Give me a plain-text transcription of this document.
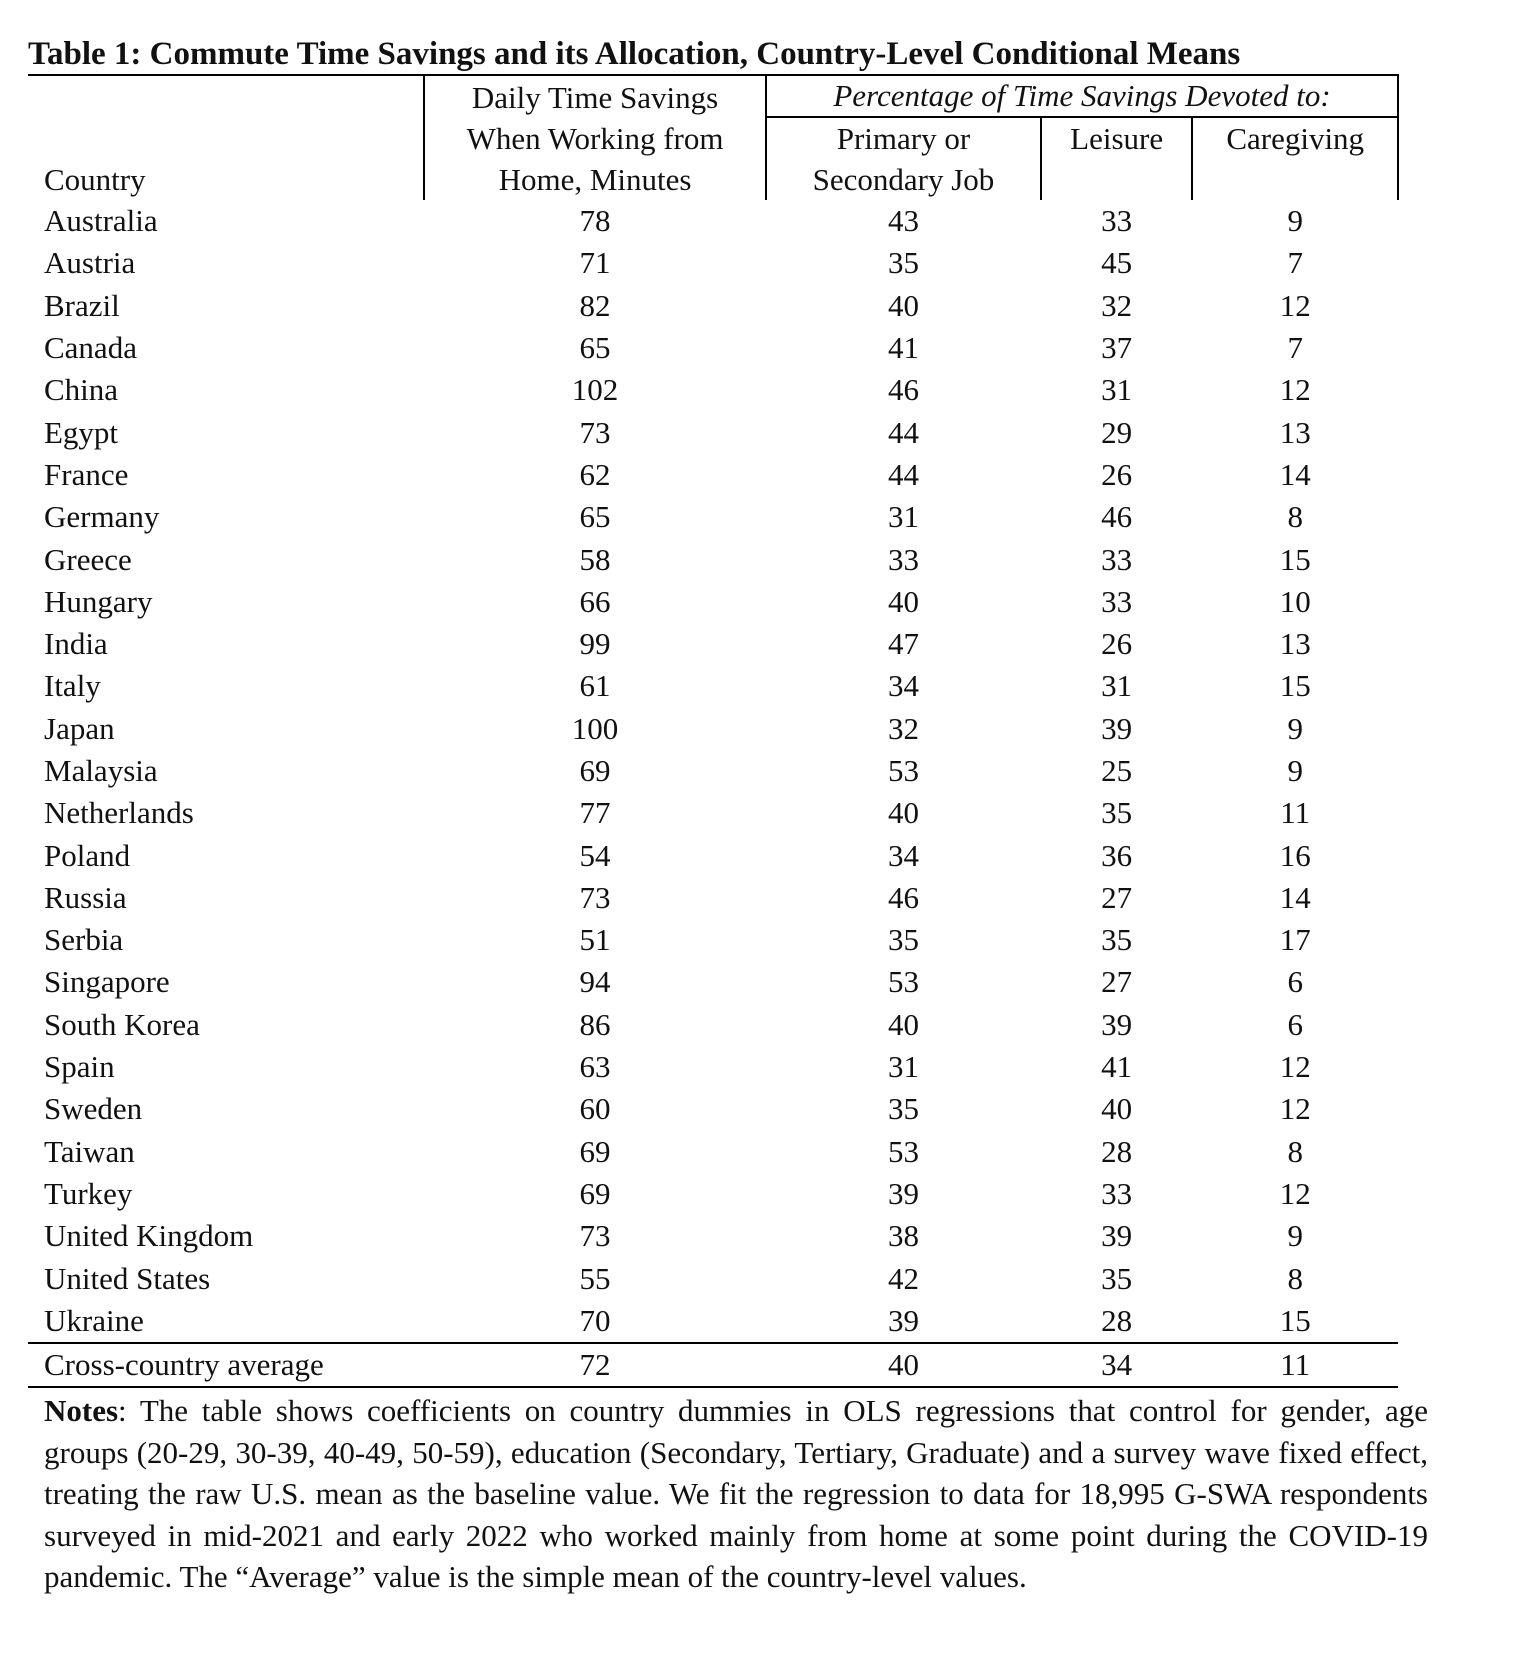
Table 1: Commute Time Savings and its Allocation, Country-Level Conditional Means
Country	Daily Time Savings
When Working from
Home, Minutes	Percentage of Time Savings Devoted to:		

		Primary or
Secondary Job	Leisure	Caregiving

Australia	78	43	33	9
Austria	71	35	45	7
Brazil	82	40	32	12
Canada	65	41	37	7
China	102	46	31	12
Egypt	73	44	29	13
France	62	44	26	14
Germany	65	31	46	8
Greece	58	33	33	15
Hungary	66	40	33	10
India	99	47	26	13
Italy	61	34	31	15
Japan	100	32	39	9
Malaysia	69	53	25	9
Netherlands	77	40	35	11
Poland	54	34	36	16
Russia	73	46	27	14
Serbia	51	35	35	17
Singapore	94	53	27	6
South Korea	86	40	39	6
Spain	63	31	41	12
Sweden	60	35	40	12
Taiwan	69	53	28	8
Turkey	69	39	33	12
United Kingdom	73	38	39	9
United States	55	42	35	8
Ukraine	70	39	28	15
Cross-country average	72	40	34	11
Notes: The table shows coefficients on country dummies in OLS regressions that control for gender, age groups (20-29, 30-39, 40-49, 50-59), education (Secondary, Tertiary, Graduate) and a survey wave fixed effect, treating the raw U.S. mean as the baseline value. We fit the regression to data for 18,995 G-SWA respondents surveyed in mid-2021 and early 2022 who worked mainly from home at some point during the COVID-19 pandemic. The “Average” value is the simple mean of the country-level values.
